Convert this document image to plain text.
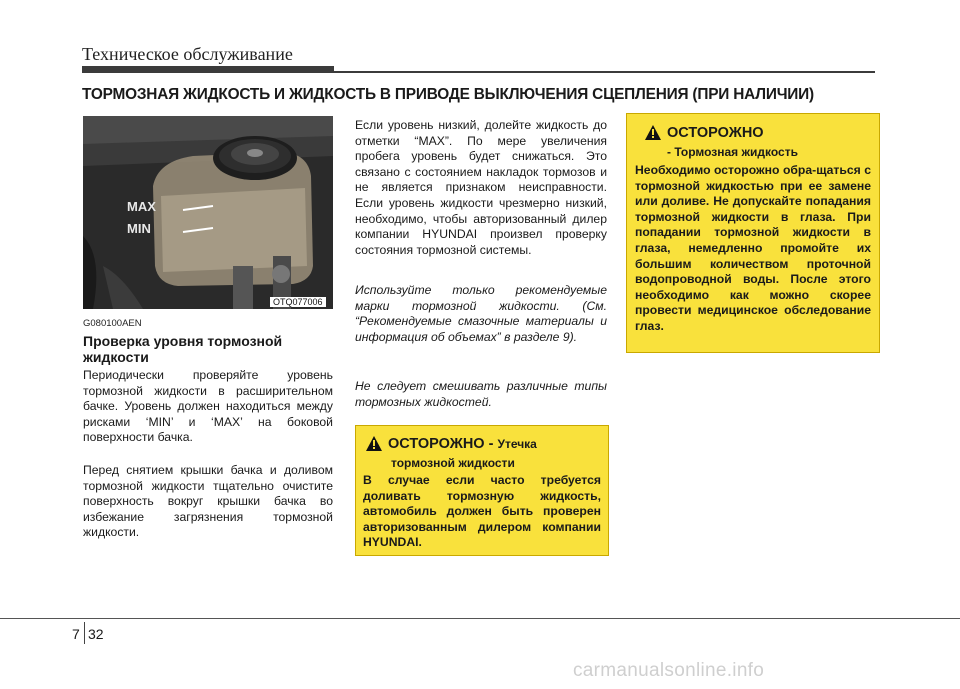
Техническое обслуживание
ТОРМОЗНАЯ ЖИДКОСТЬ И ЖИДКОСТЬ В ПРИВОДЕ ВЫКЛЮЧЕНИЯ СЦЕПЛЕНИЯ (ПРИ НАЛИЧИИ)
MAX
MIN
OTQ077006
G080100AEN
Проверка уровня тормозной жидкости
Периодически проверяйте уровень тормозной жидкости в расширительном бачке. Уровень должен находиться между рисками ‘MIN’ и ‘MAX’ на боковой поверхности бачка.
Перед снятием крышки бачка и доливом тормозной жидкости тщательно очистите поверхность вокруг крышки бачка во избежание загрязнения тормозной жидкости.
Если уровень низкий, долейте жидкость до отметки “MAX”. По мере увеличения пробега уровень будет снижаться. Это связано с состоянием накладок тормозов и не является признаком неисправности. Если уровень жидкости чрезмерно низкий, необходимо, чтобы авторизованный дилер компании HYUNDAI произвел проверку состояния тормозной системы.
Используйте только рекомендуемые марки тормозной жидкости. (См. “Рекомендуемые смазочные материалы и информация об объемах” в разделе 9).
Не следует смешивать различные типы тормозных жидкостей.
ОСТОРОЖНО - Утечка
тормозной жидкости
В случае если часто требуется доливать тормозную жидкость, автомобиль должен быть проверен авторизованным дилером компании HYUNDAI.
ОСТОРОЖНО
- Тормозная жидкость
Необходимо осторожно обра-щаться с тормозной жидкостью при ее замене или доливе. Не допускайте попадания тормозной жидкости в глаза. При попадании тормозной жидкости в глаза, немедленно промойте их большим количеством проточной водопроводной воды. После этого необходимо как можно скорее провести медицинское обследование глаз.
7 32
carmanualsonline.info
